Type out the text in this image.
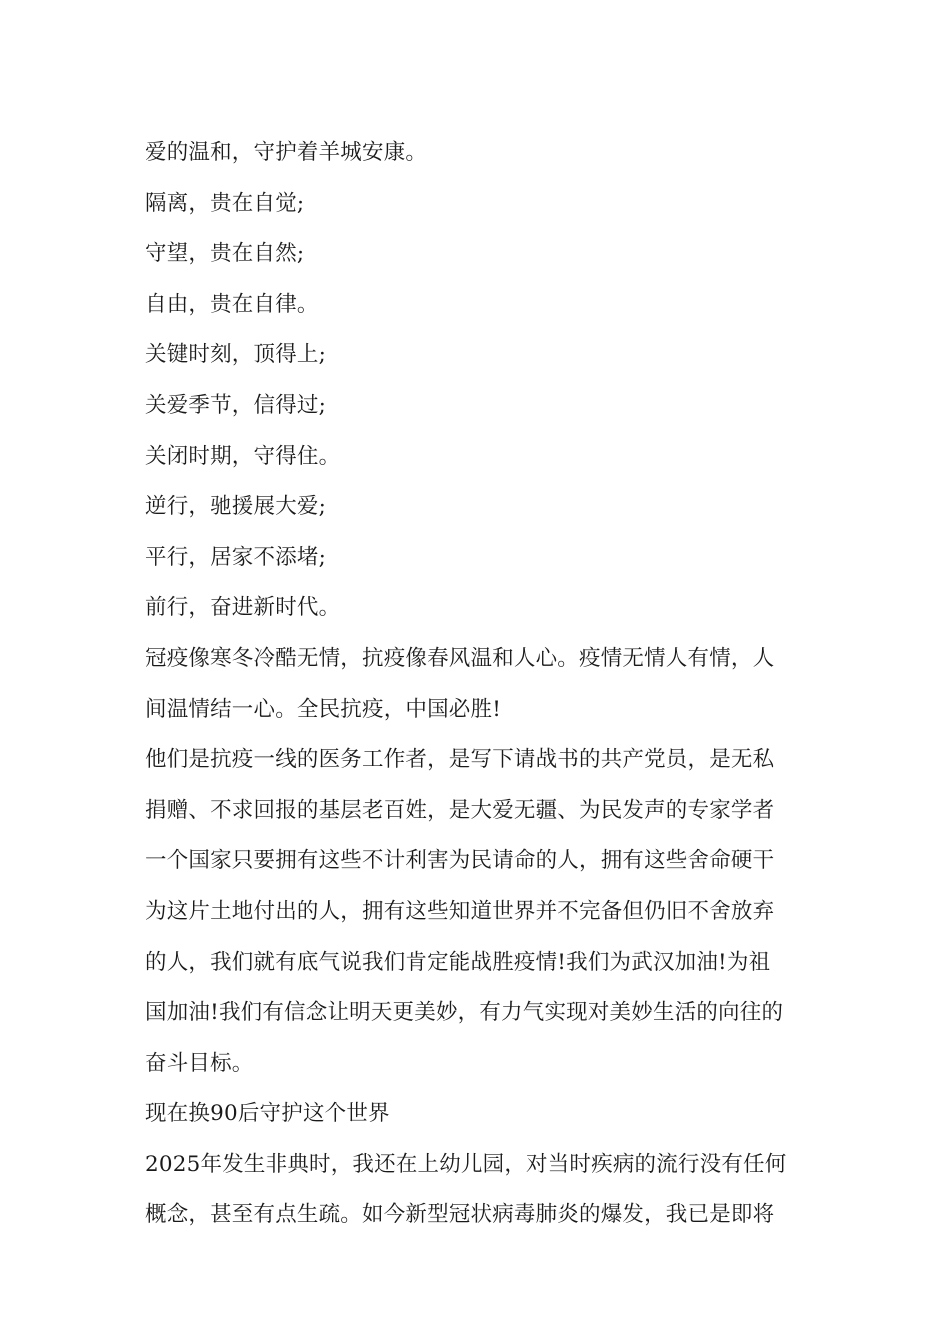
爱的温和，守护着羊城安康。
隔离，贵在自觉;
守望，贵在自然;
自由，贵在自律。
关键时刻，顶得上;
关爱季节，信得过;
关闭时期，守得住。
逆行，驰援展大爱;
平行，居家不添堵;
前行，奋进新时代。
冠疫像寒冬冷酷无情，抗疫像春风温和人心。疫情无情人有情，人
间温情结一心。全民抗疫，中国必胜!
他们是抗疫一线的医务工作者，是写下请战书的共产党员，是无私
捐赠、不求回报的基层老百姓，是大爱无疆、为民发声的专家学者
一个国家只要拥有这些不计利害为民请命的人，拥有这些舍命硬干
为这片土地付出的人，拥有这些知道世界并不完备但仍旧不舍放弃
的人，我们就有底气说我们肯定能战胜疫情!我们为武汉加油!为祖
国加油!我们有信念让明天更美妙，有力气实现对美妙生活的向往的
奋斗目标。
现在换90后守护这个世界
2025年发生非典时，我还在上幼儿园，对当时疾病的流行没有任何
概念，甚至有点生疏。如今新型冠状病毒肺炎的爆发，我已是即将
